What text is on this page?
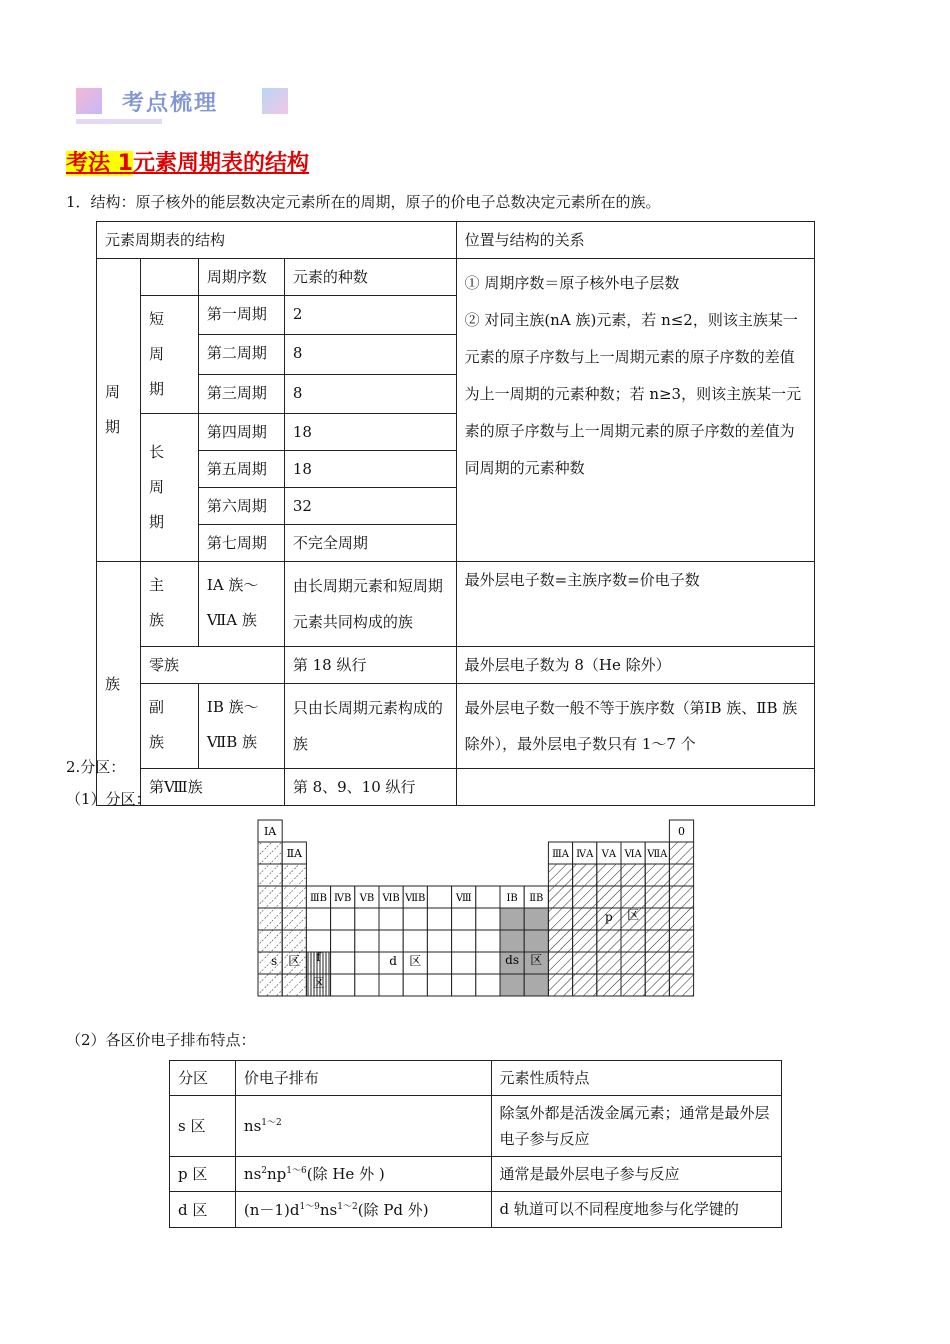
考点梳理
考法 1元素周期表的结构
1．结构：原子核外的能层数决定元素所在的周期，原子的价电子总数决定元素所在的族。
元素周期表的结构				位置与结构的关系

周期		周期序数	元素的种数	① 周期序数＝原子核外电子层数
② 对同主族(nA 族)元素，若 n≤2，则该主族某一元素的原子序数与上一周期元素的原子序数的差值为上一周期的元素种数；若 n≥3，则该主族某一元素的原子序数与上一周期元素的原子序数的差值为同周期的元素种数

	短周期	第一周期	2	
		第二周期	8	
		第三周期	8	

	长周期	第四周期	18	
		第五周期	18	
		第六周期	32	
		第七周期	不完全周期	
族	主族	ⅠA 族～ⅦA 族	由长周期元素和短周期元素共同构成的族	最外层电子数=主族序数=价电子数
	零族		第 18 纵行	最外层电子数为 8（He 除外）

	副族	ⅠB 族～ⅦB 族	只由长周期元素构成的族	最外层电子数一般不等于族序数（第ⅠB 族、ⅡB 族除外），最外层电子数只有 1～7 个
	第Ⅷ族		第 8、9、10 纵行	
2.分区：
（1）分区：
ⅠA
ⅡA
ⅢB ⅣB ⅤB ⅥB ⅦB	Ⅷ	ⅠB ⅡB
ⅢA ⅣA ⅤA ⅥA ⅦA
0
s 区 f
区
d 区	ds 区
p 区
（2）各区价电子排布特点：
分区	价电子排布	元素性质特点
s 区	$ns^{1\sim 2}$	除氢外都是活泼金属元素；通常是最外层电子参与反应
p 区	$ns^2np^{1\sim 6}$(除 He 外 )	通常是最外层电子参与反应
d 区	$(n-1)d^{1\sim 9}ns^{1\sim 2}$(除 Pd 外)	d 轨道可以不同程度地参与化学键的
